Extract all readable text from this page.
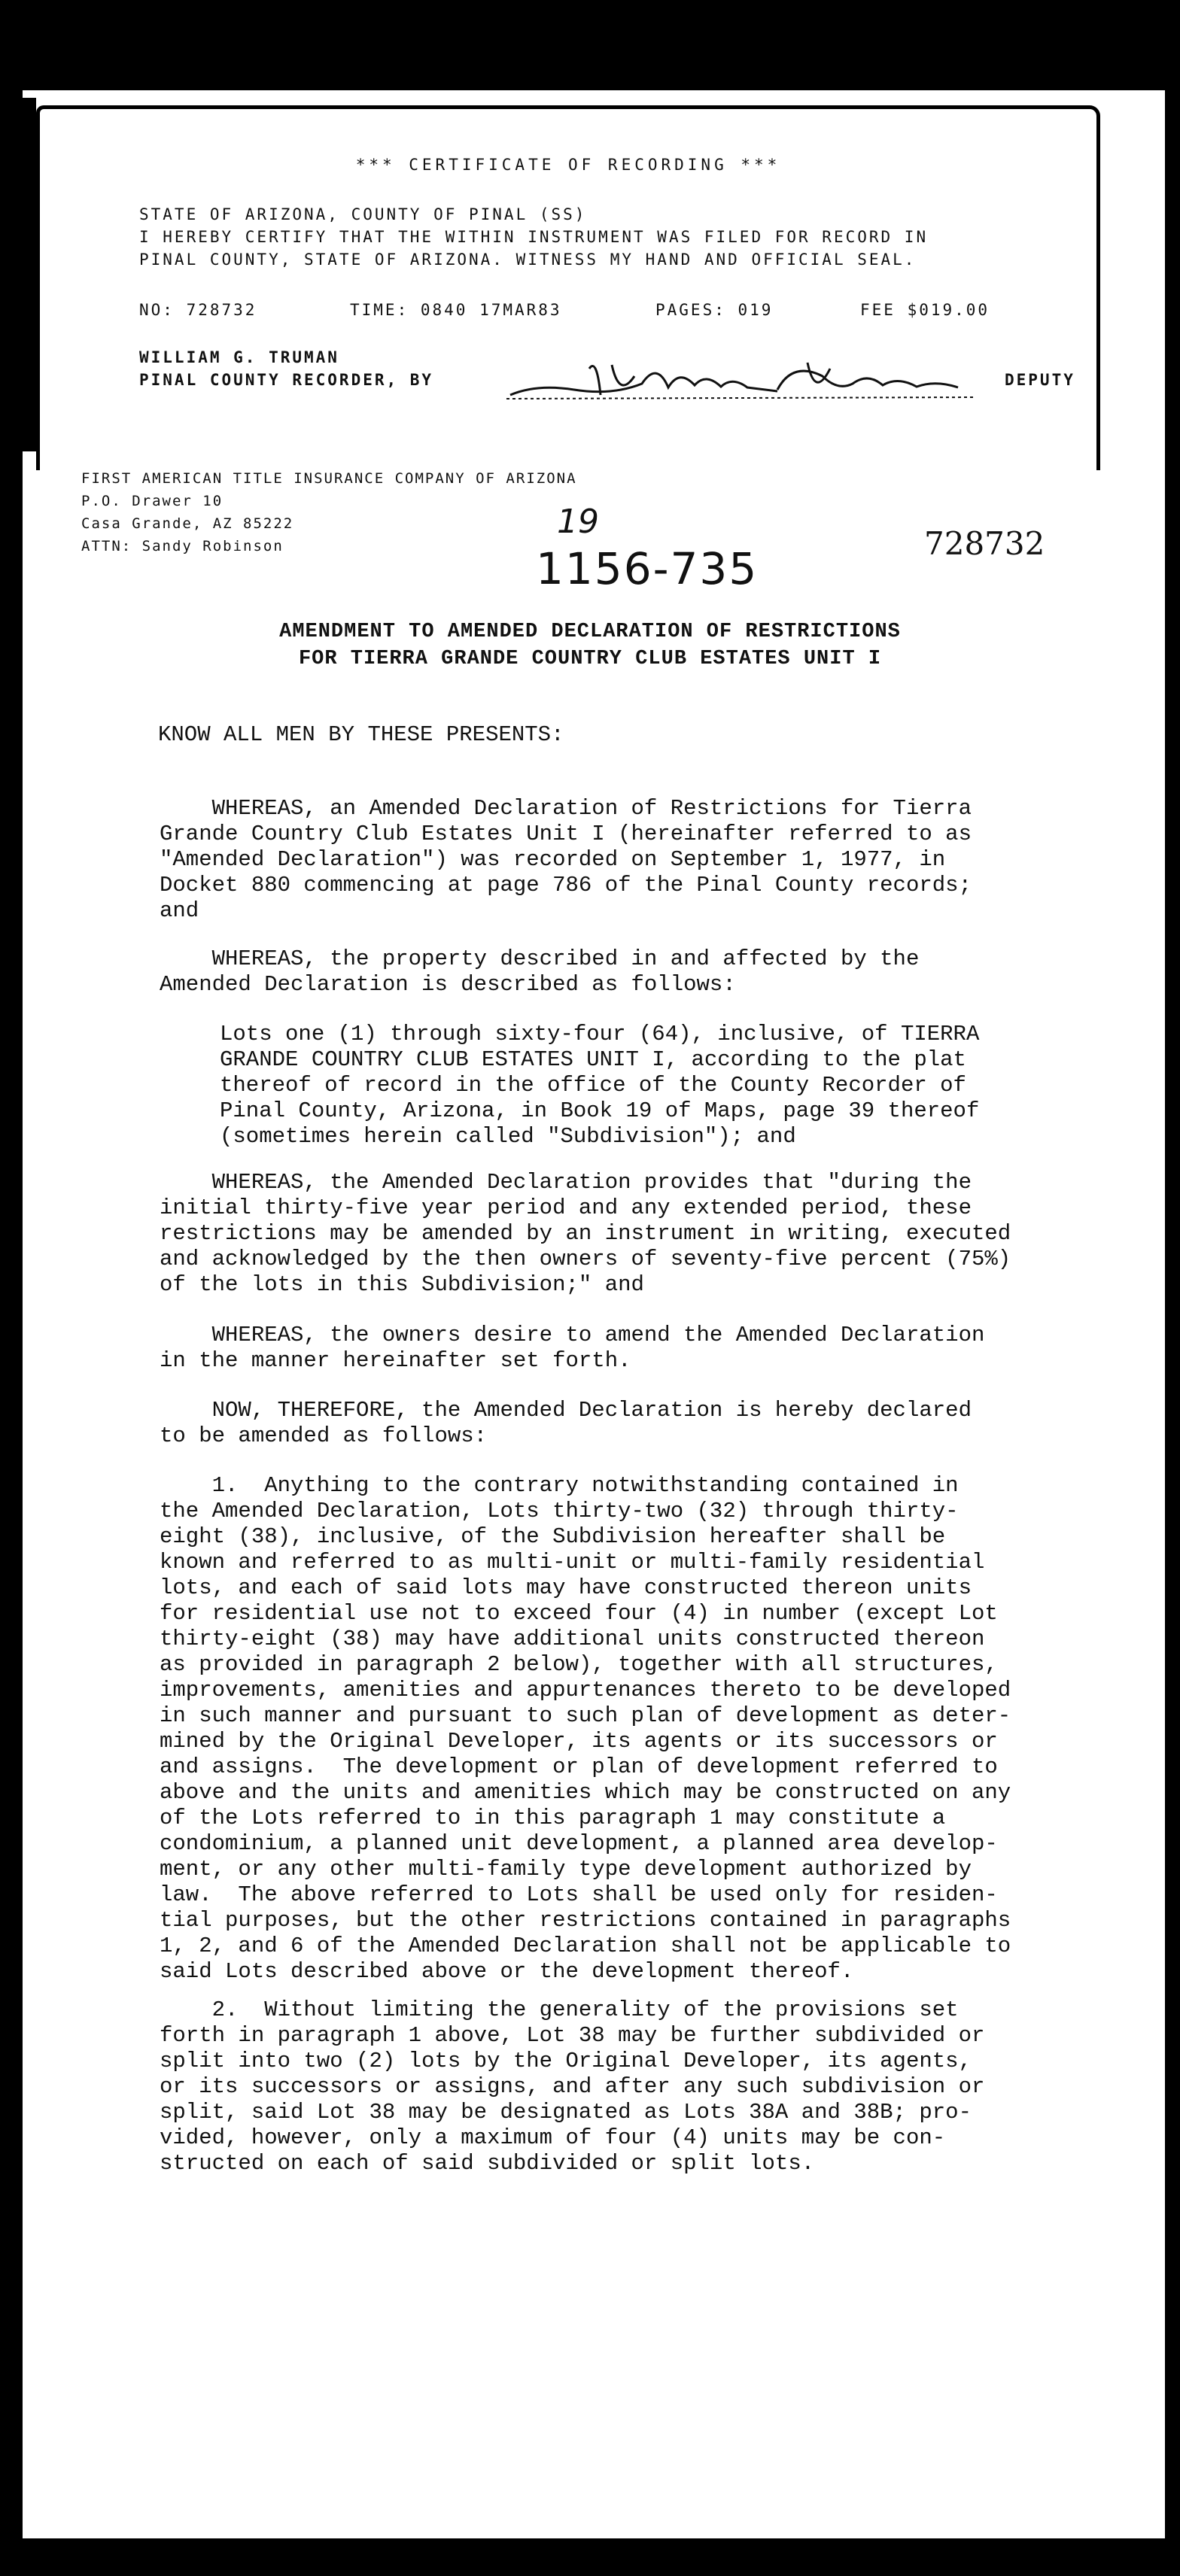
*** CERTIFICATE OF RECORDING ***
STATE OF ARIZONA, COUNTY OF PINAL (SS)
I HEREBY CERTIFY THAT THE WITHIN INSTRUMENT WAS FILED FOR RECORD IN
PINAL COUNTY, STATE OF ARIZONA. WITNESS MY HAND AND OFFICIAL SEAL.
NO: 728732	TIME: 0840 17MAR83	PAGES: 019	FEE $019.00
WILLIAM G. TRUMAN
PINAL COUNTY RECORDER, BY	DEPUTY
FIRST AMERICAN TITLE INSURANCE COMPANY OF ARIZONA
P.O. Drawer 10
Casa Grande, AZ 85222
ATTN: Sandy Robinson
19
1156-735	728732
AMENDMENT TO AMENDED DECLARATION OF RESTRICTIONS
FOR TIERRA GRANDE COUNTRY CLUB ESTATES UNIT I
KNOW ALL MEN BY THESE PRESENTS:
WHEREAS, an Amended Declaration of Restrictions for Tierra
Grande Country Club Estates Unit I (hereinafter referred to as
"Amended Declaration") was recorded on September 1, 1977, in
Docket 880 commencing at page 786 of the Pinal County records;
and
WHEREAS, the property described in and affected by the
Amended Declaration is described as follows:
Lots one (1) through sixty-four (64), inclusive, of TIERRA
GRANDE COUNTRY CLUB ESTATES UNIT I, according to the plat
thereof of record in the office of the County Recorder of
Pinal County, Arizona, in Book 19 of Maps, page 39 thereof
(sometimes herein called "Subdivision"); and
WHEREAS, the Amended Declaration provides that "during the
initial thirty-five year period and any extended period, these
restrictions may be amended by an instrument in writing, executed
and acknowledged by the then owners of seventy-five percent (75%)
of the lots in this Subdivision;" and
WHEREAS, the owners desire to amend the Amended Declaration
in the manner hereinafter set forth.
NOW, THEREFORE, the Amended Declaration is hereby declared
to be amended as follows:
1.  Anything to the contrary notwithstanding contained in
the Amended Declaration, Lots thirty-two (32) through thirty-
eight (38), inclusive, of the Subdivision hereafter shall be
known and referred to as multi-unit or multi-family residential
lots, and each of said lots may have constructed thereon units
for residential use not to exceed four (4) in number (except Lot
thirty-eight (38) may have additional units constructed thereon
as provided in paragraph 2 below), together with all structures,
improvements, amenities and appurtenances thereto to be developed
in such manner and pursuant to such plan of development as deter-
mined by the Original Developer, its agents or its successors or
and assigns.  The development or plan of development referred to
above and the units and amenities which may be constructed on any
of the Lots referred to in this paragraph 1 may constitute a
condominium, a planned unit development, a planned area develop-
ment, or any other multi-family type development authorized by
law.  The above referred to Lots shall be used only for residen-
tial purposes, but the other restrictions contained in paragraphs
1, 2, and 6 of the Amended Declaration shall not be applicable to
said Lots described above or the development thereof.
2.  Without limiting the generality of the provisions set
forth in paragraph 1 above, Lot 38 may be further subdivided or
split into two (2) lots by the Original Developer, its agents,
or its successors or assigns, and after any such subdivision or
split, said Lot 38 may be designated as Lots 38A and 38B; pro-
vided, however, only a maximum of four (4) units may be con-
structed on each of said subdivided or split lots.
